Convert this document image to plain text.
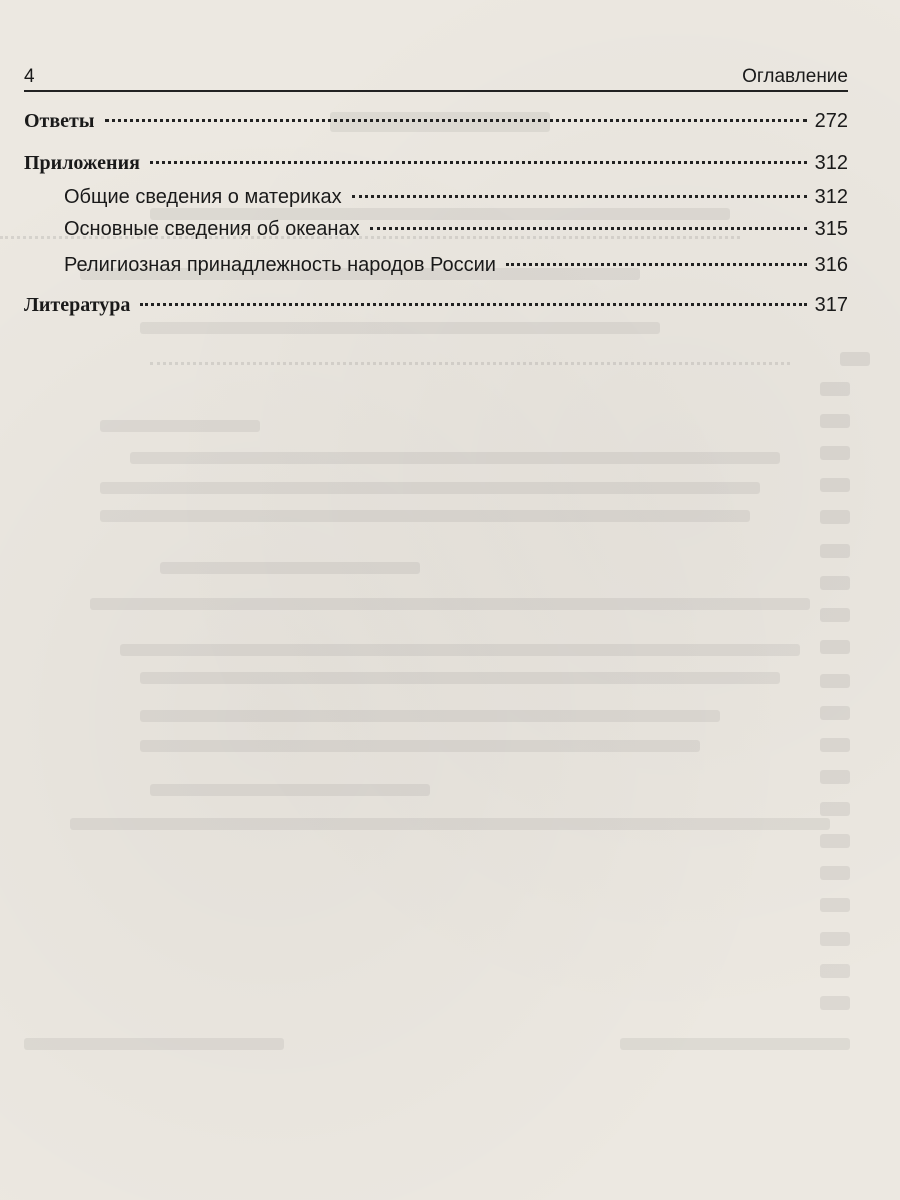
4	Оглавление
Ответы	272
Приложения	312
Общие сведения о материках	312
Основные сведения об океанах	315
Религиозная принадлежность народов России	316
Литература	317
